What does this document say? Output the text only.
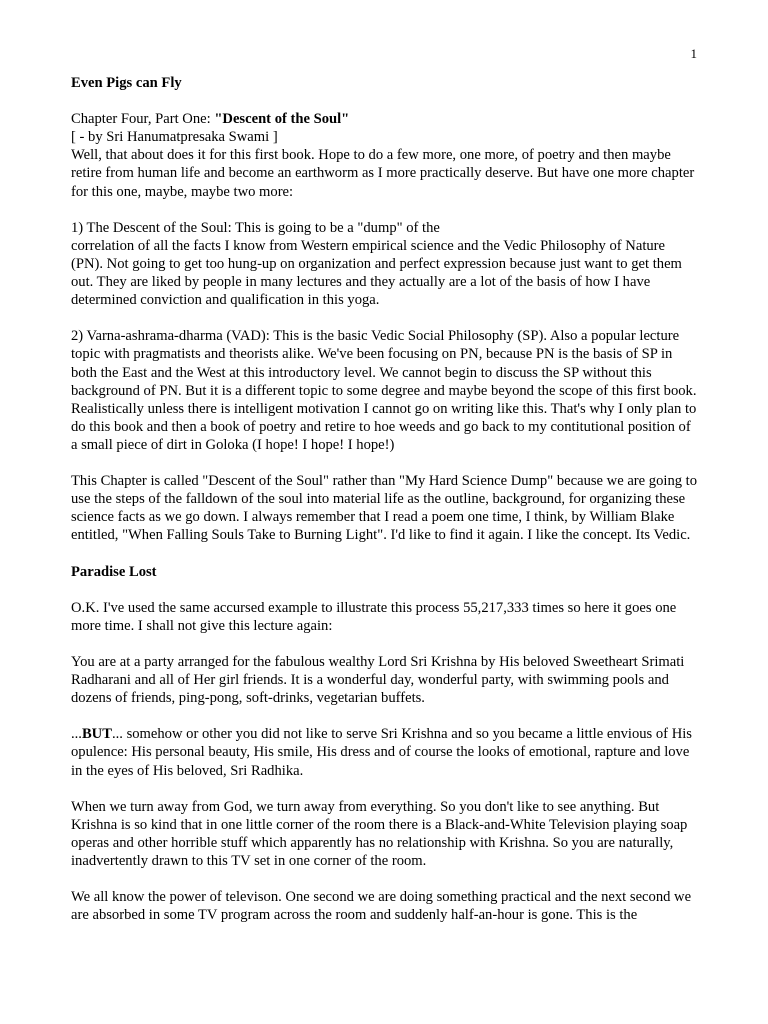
1

Even Pigs can Fly

Chapter Four, Part One: "Descent of the Soul"

[ - by Sri Hanumatpresaka Swami ]

Well, that about does it for this first book. Hope to do a few more, one more, of poetry and then maybe retire from human life and become an earthworm as I more practically deserve. But have one more chapter for this one, maybe, maybe two more:

1) The Descent of the Soul: This is going to be a "dump" of the

correlation of all the facts I know from Western empirical science and the Vedic Philosophy of Nature (PN). Not going to get too hung-up on organization and perfect expression because just want to get them out. They are liked by people in many lectures and they actually are a lot of the basis of how I have determined conviction and qualification in this yoga.

2) Varna-ashrama-dharma (VAD): This is the basic Vedic Social Philosophy (SP). Also a popular lecture topic with pragmatists and theorists alike. We've been focusing on PN, because PN is the basis of SP in both the East and the West at this introductory level. We cannot begin to discuss the SP without this background of PN. But it is a different topic to some degree and maybe beyond the scope of this first book. Realistically unless there is intelligent motivation I cannot go on writing like this. That's why I only plan to do this book and then a book of poetry and retire to hoe weeds and go back to my contitutional position of a small piece of dirt in Goloka (I hope! I hope! I hope!)

This Chapter is called "Descent of the Soul" rather than "My Hard Science Dump" because we are going to use the steps of the falldown of the soul into material life as the outline, background, for organizing these science facts as we go down. I always remember that I read a poem one time, I think, by William Blake entitled, "When Falling Souls Take to Burning Light". I'd like to find it again. I like the concept. Its Vedic.

Paradise Lost

O.K. I've used the same accursed example to illustrate this process 55,217,333 times so here it goes one more time. I shall not give this lecture again:

You are at a party arranged for the fabulous wealthy Lord Sri Krishna by His beloved Sweetheart Srimati Radharani and all of Her girl friends. It is a wonderful day, wonderful party, with swimming pools and dozens of friends, ping-pong, soft-drinks, vegetarian buffets.

...BUT... somehow or other you did not like to serve Sri Krishna and so you became a little envious of His opulence: His personal beauty, His smile, His dress and of course the looks of emotional, rapture and love in the eyes of His beloved, Sri Radhika.

When we turn away from God, we turn away from everything. So you don't like to see anything. But Krishna is so kind that in one little corner of the room there is a Black-and-White Television playing soap operas and other horrible stuff which apparently has no relationship with Krishna. So you are naturally, inadvertently drawn to this TV set in one corner of the room.

We all know the power of televison. One second we are doing something practical and the next second we are absorbed in some TV program across the room and suddenly half-an-hour is gone. This is the
